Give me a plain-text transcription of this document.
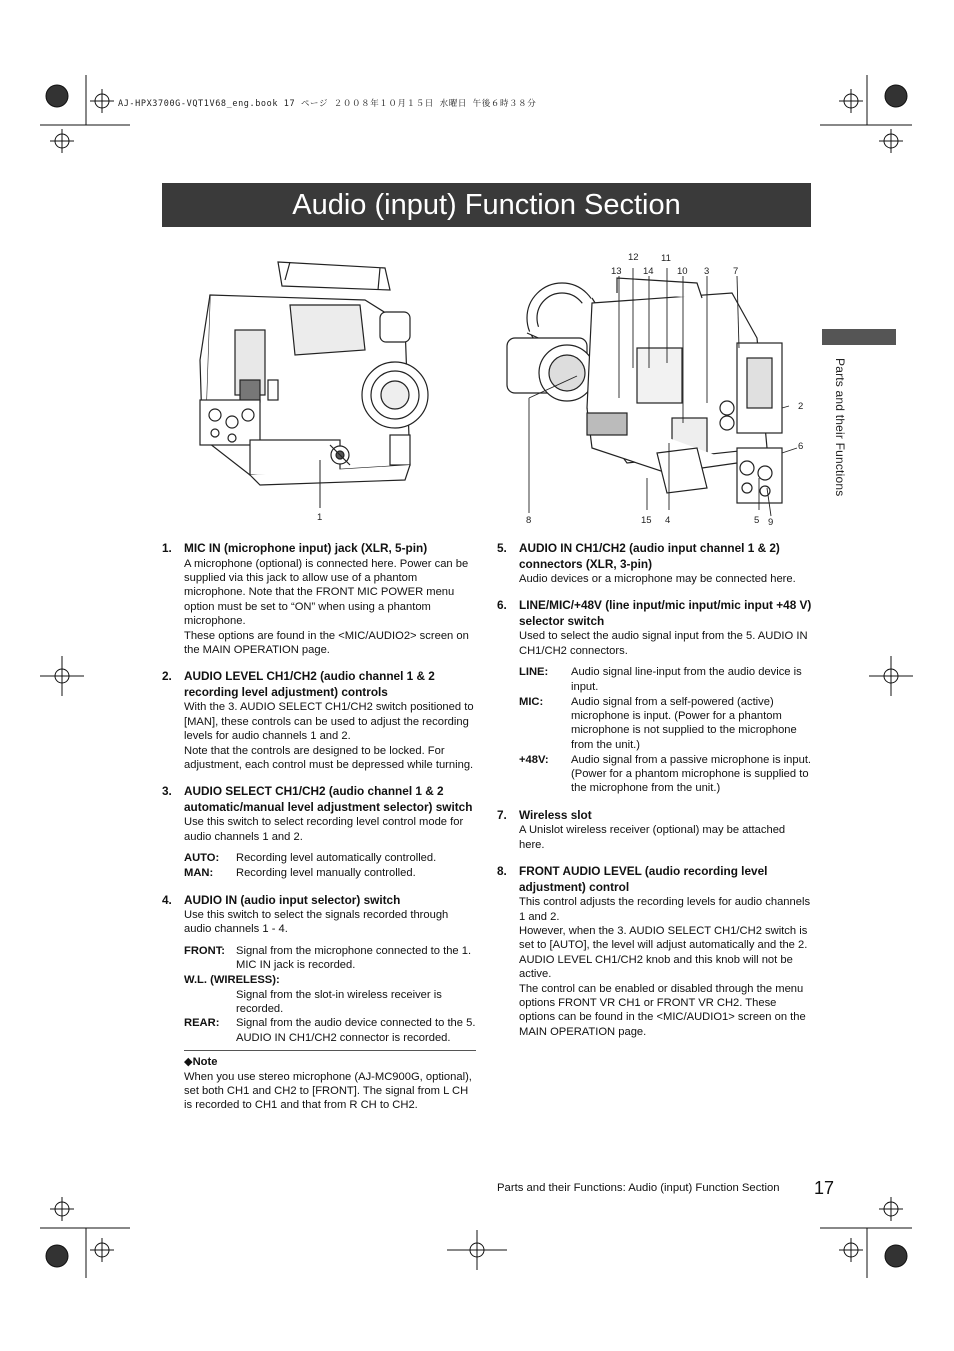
AJ-HPX3700G-VQT1V68_eng.book 17 ページ ２００８年１０月１５日 水曜日 午後６時３８分
Audio (input) Function Section
Parts and their Functions
1
12 11
13 14 10 3 7
2
6
8	15 4	5 9
1.	MIC IN (microphone input) jack (XLR, 5-pin)

A microphone (optional) is connected here. Power can be supplied via this jack to allow use of a phantom microphone. Note that the FRONT MIC POWER menu option must be set to “ON” when using a phantom microphone.

These options are found in the <MIC/AUDIO2> screen on the MAIN OPERATION page.

2.	AUDIO LEVEL CH1/CH2 (audio channel 1 & 2 recording level adjustment) controls

With the 3. AUDIO SELECT CH1/CH2 switch positioned to [MAN], these controls can be used to adjust the recording levels for audio channels 1 and 2.

Note that the controls are designed to be locked. For adjustment, each control must be depressed while turning.

3.	AUDIO SELECT CH1/CH2 (audio channel 1 & 2 automatic/manual level adjustment selector) switch

Use this switch to select recording level control mode for audio channels 1 and 2.

AUTO:	Recording level automatically controlled.
MAN:	Recording level manually controlled.
4.	AUDIO IN (audio input selector) switch

Use this switch to select the signals recorded through audio channels 1 - 4.

FRONT: Signal from the microphone connected to the 1. MIC IN jack is recorded.
W.L. (WIRELESS):
Signal from the slot-in wireless receiver is recorded.
REAR:	Signal from the audio device connected to the 5. AUDIO IN CH1/CH2 connector is recorded.
◆Note
When you use stereo microphone (AJ-MC900G, optional), set both CH1 and CH2 to [FRONT]. The signal from L CH is recorded to CH1 and that from R CH to CH2.
5.	AUDIO IN CH1/CH2 (audio input channel 1 & 2) connectors (XLR, 3-pin)

Audio devices or a microphone may be connected here.

6.	LINE/MIC/+48V (line input/mic input/mic input +48 V) selector switch

Used to select the audio signal input from the 5. AUDIO IN CH1/CH2 connectors.

LINE:	Audio signal line-input from the audio device is input.
MIC:	Audio signal from a self-powered (active) microphone is input. (Power for a phantom microphone is not supplied to the microphone from the unit.)
+48V:	Audio signal from a passive microphone is input. (Power for a phantom microphone is supplied to the microphone from the unit.)
7.	Wireless slot

A Unislot wireless receiver (optional) may be attached here.

8.	FRONT AUDIO LEVEL (audio recording level adjustment) control

This control adjusts the recording levels for audio channels 1 and 2.

However, when the 3. AUDIO SELECT CH1/CH2 switch is set to [AUTO], the level will adjust automatically and the 2. AUDIO LEVEL CH1/CH2 knob and this knob will not be active.

The control can be enabled or disabled through the menu options FRONT VR CH1 or FRONT VR CH2. These options can be found in the <MIC/AUDIO1> screen on the MAIN OPERATION page.

Parts and their Functions: Audio (input) Function Section 17
